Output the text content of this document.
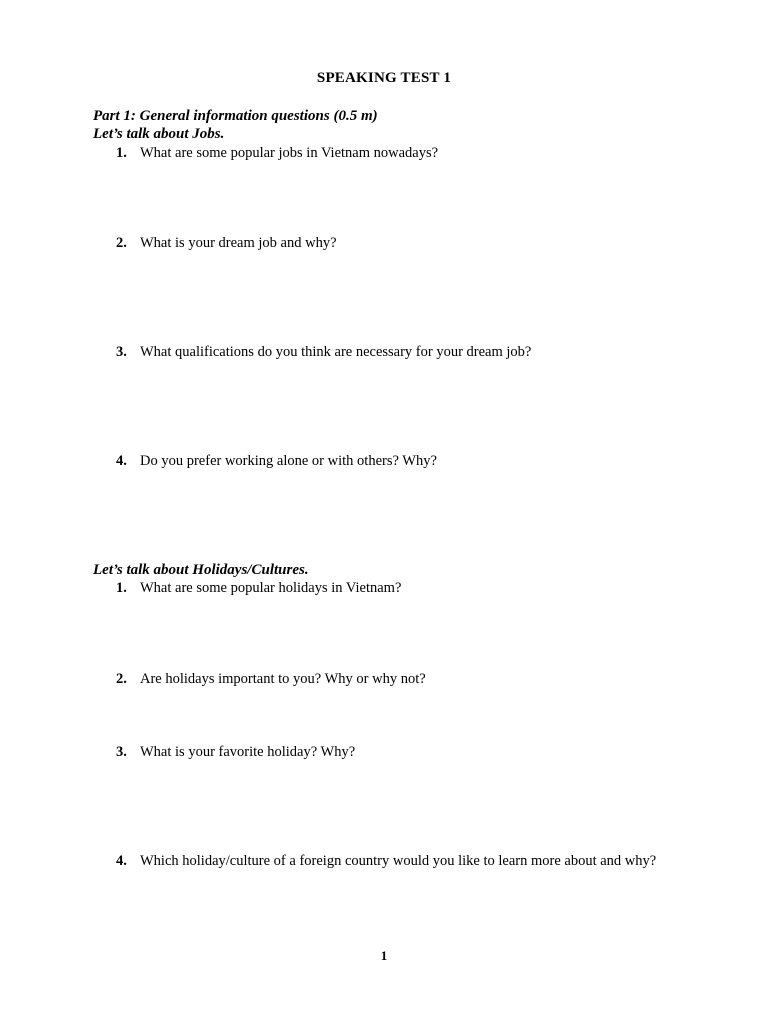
SPEAKING TEST 1
Part 1: General information questions (0.5 m)
Let’s talk about Jobs.
1. What are some popular jobs in Vietnam nowadays?
2. What is your dream job and why?
3. What qualifications do you think are necessary for your dream job?
4. Do you prefer working alone or with others? Why?
Let’s talk about Holidays/Cultures.
1. What are some popular holidays in Vietnam?
2. Are holidays important to you? Why or why not?
3. What is your favorite holiday? Why?
4. Which holiday/culture of a foreign country would you like to learn more about and why?
1
